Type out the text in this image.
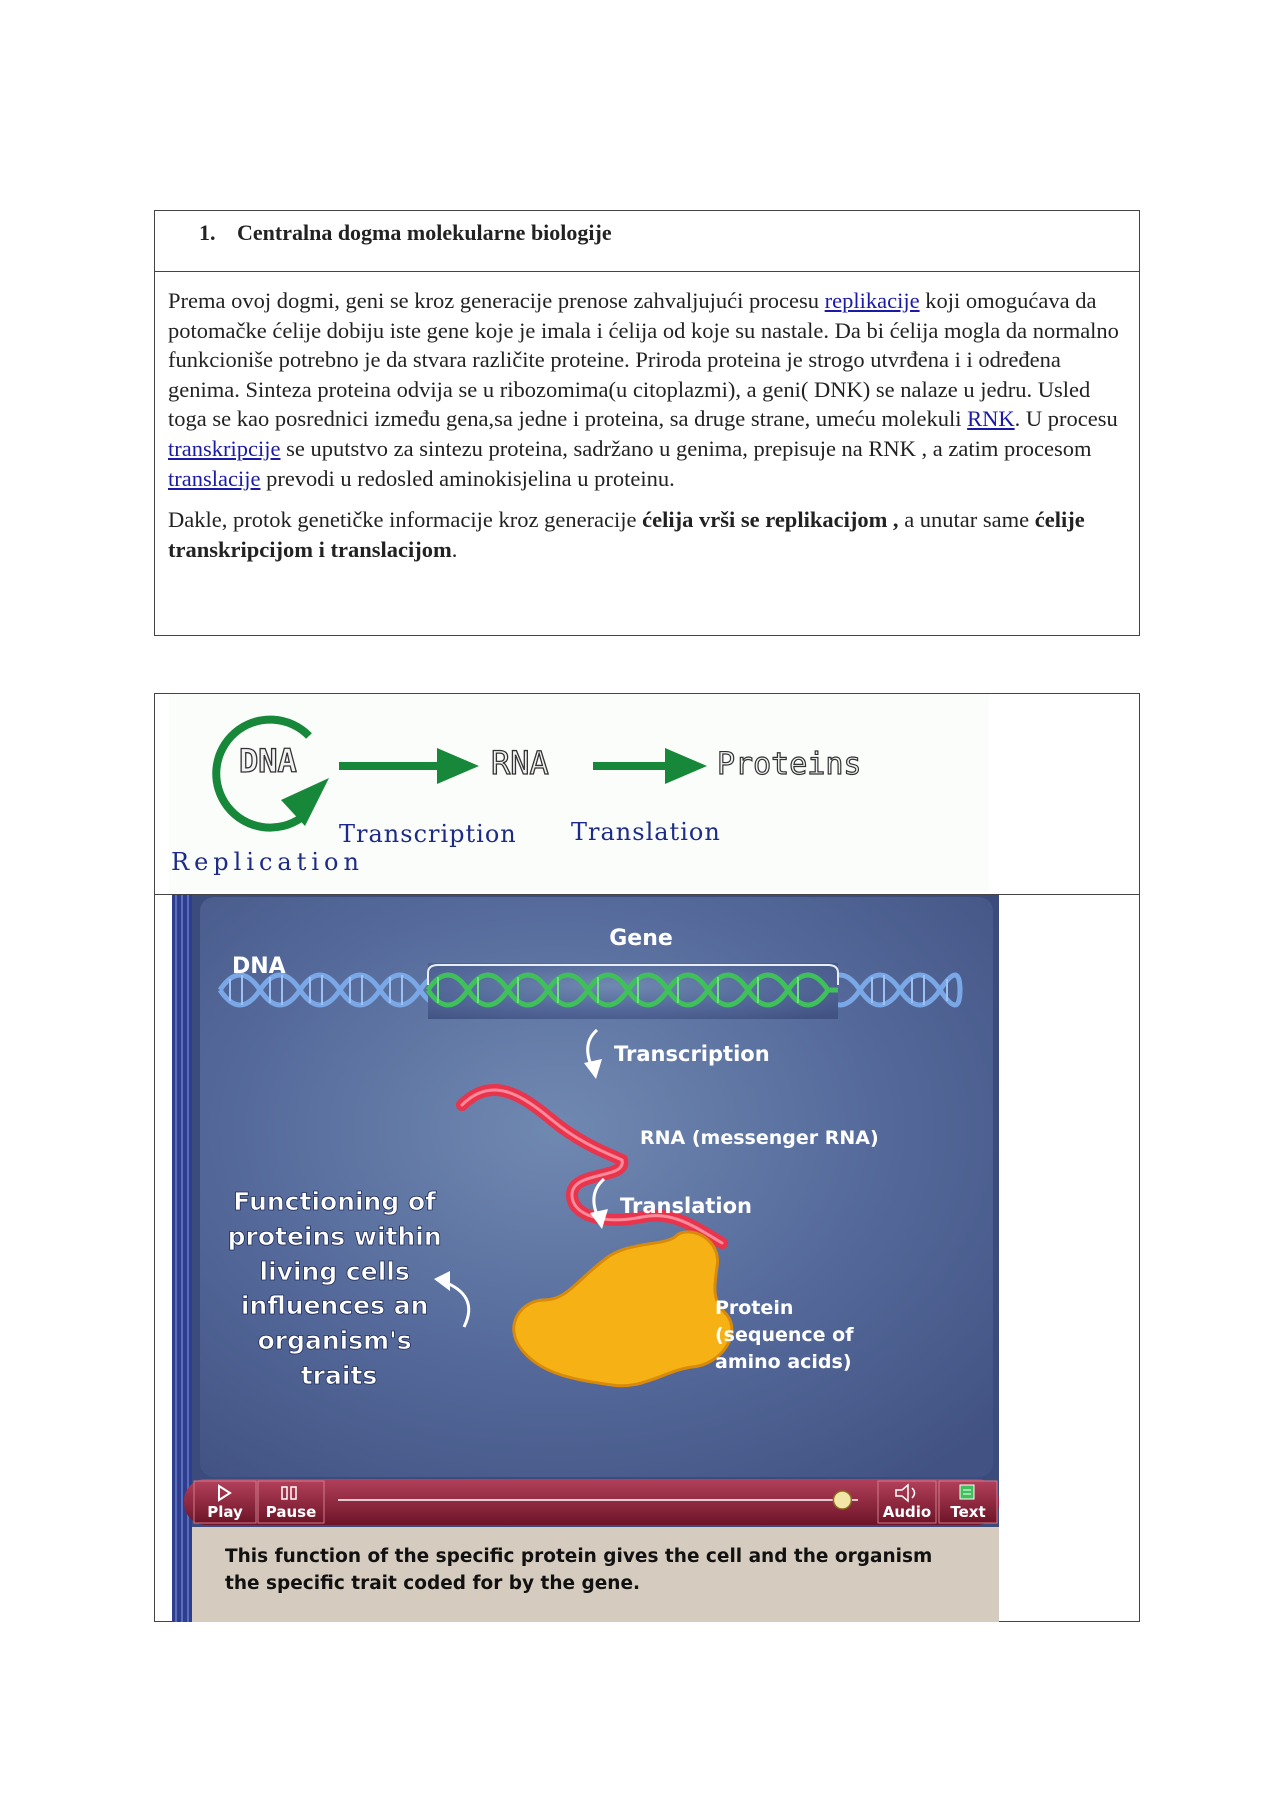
1. Centralna dogma molekularne biologije

Prema ovoj dogmi, geni se kroz generacije prenose zahvaljujući procesu replikacije koji omogućava da potomačke ćelije dobiju iste gene koje je imala i ćelija od koje su nastale. Da bi ćelija mogla da normalno funkcioniše potrebno je da stvara različite proteine. Priroda proteina je strogo utvrđena i i određena genima. Sinteza proteina odvija se u ribozomima(u citoplazmi), a geni( DNK) se nalaze u jedru. Usled toga se kao posrednici između gena,sa jedne i proteina, sa druge strane, umeću molekuli RNK. U procesu transkripcije se uputstvo za sintezu proteina, sadržano u genima, prepisuje na RNK , a zatim procesom translacije prevodi u redosled aminokisjelina u proteinu.

Dakle, protok genetičke informacije kroz generacije ćelija vrši se replikacijom , a unutar same ćelije transkripcijom i translacijom.

DNA	RNA	Proteins
Transcription Translation
Replication
Gene
DNA
Transcription
RNA (messenger RNA)
Translation
Protein (sequence of amino acids)
Functioning of proteins within living cells influences an organism's traits
Play Pause	Audio Text
This function of the specific protein gives the cell and the organism the specific trait coded for by the gene.
